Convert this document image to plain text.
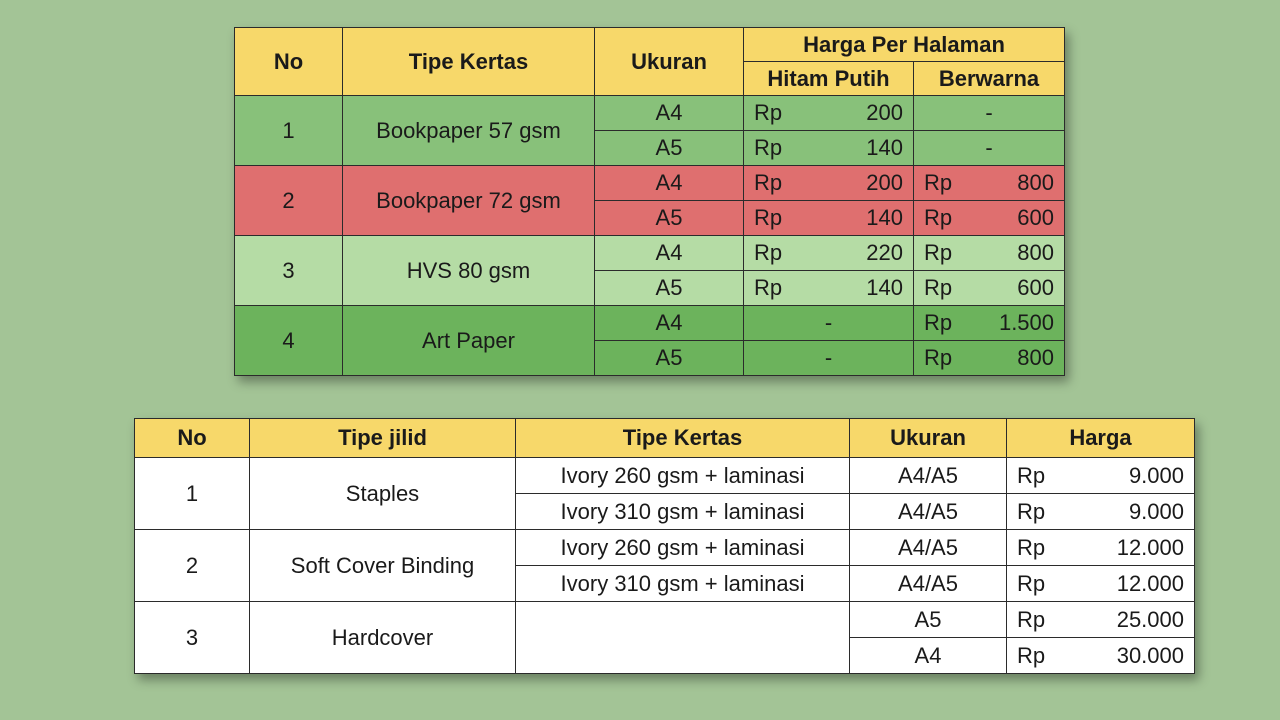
No	Tipe Kertas	Ukuran	Harga Per Halaman	
			Hitam Putih	Berwarna
1	Bookpaper 57 gsm	A4	Rp 200	-
		A5	Rp 140	-
2	Bookpaper 72 gsm	A4	Rp 200	Rp 800

		A5	Rp 140	Rp 600

3	HVS 80 gsm	A4	Rp 220	Rp 800

		A5	Rp 140	Rp 600

4	Art Paper	A4	-	Rp 1.500

		A5	-	Rp 800
No	Tipe jilid	Tipe Kertas	Ukuran	Harga
1	Staples	Ivory 260 gsm + laminasi	A4/A5	Rp 9.000

		Ivory 310 gsm + laminasi	A4/A5	Rp 9.000

2	Soft Cover Binding	Ivory 260 gsm + laminasi	A4/A5	Rp 12.000

		Ivory 310 gsm + laminasi	A4/A5	Rp 12.000

3	Hardcover		A5	Rp 25.000

			A4	Rp 30.000
